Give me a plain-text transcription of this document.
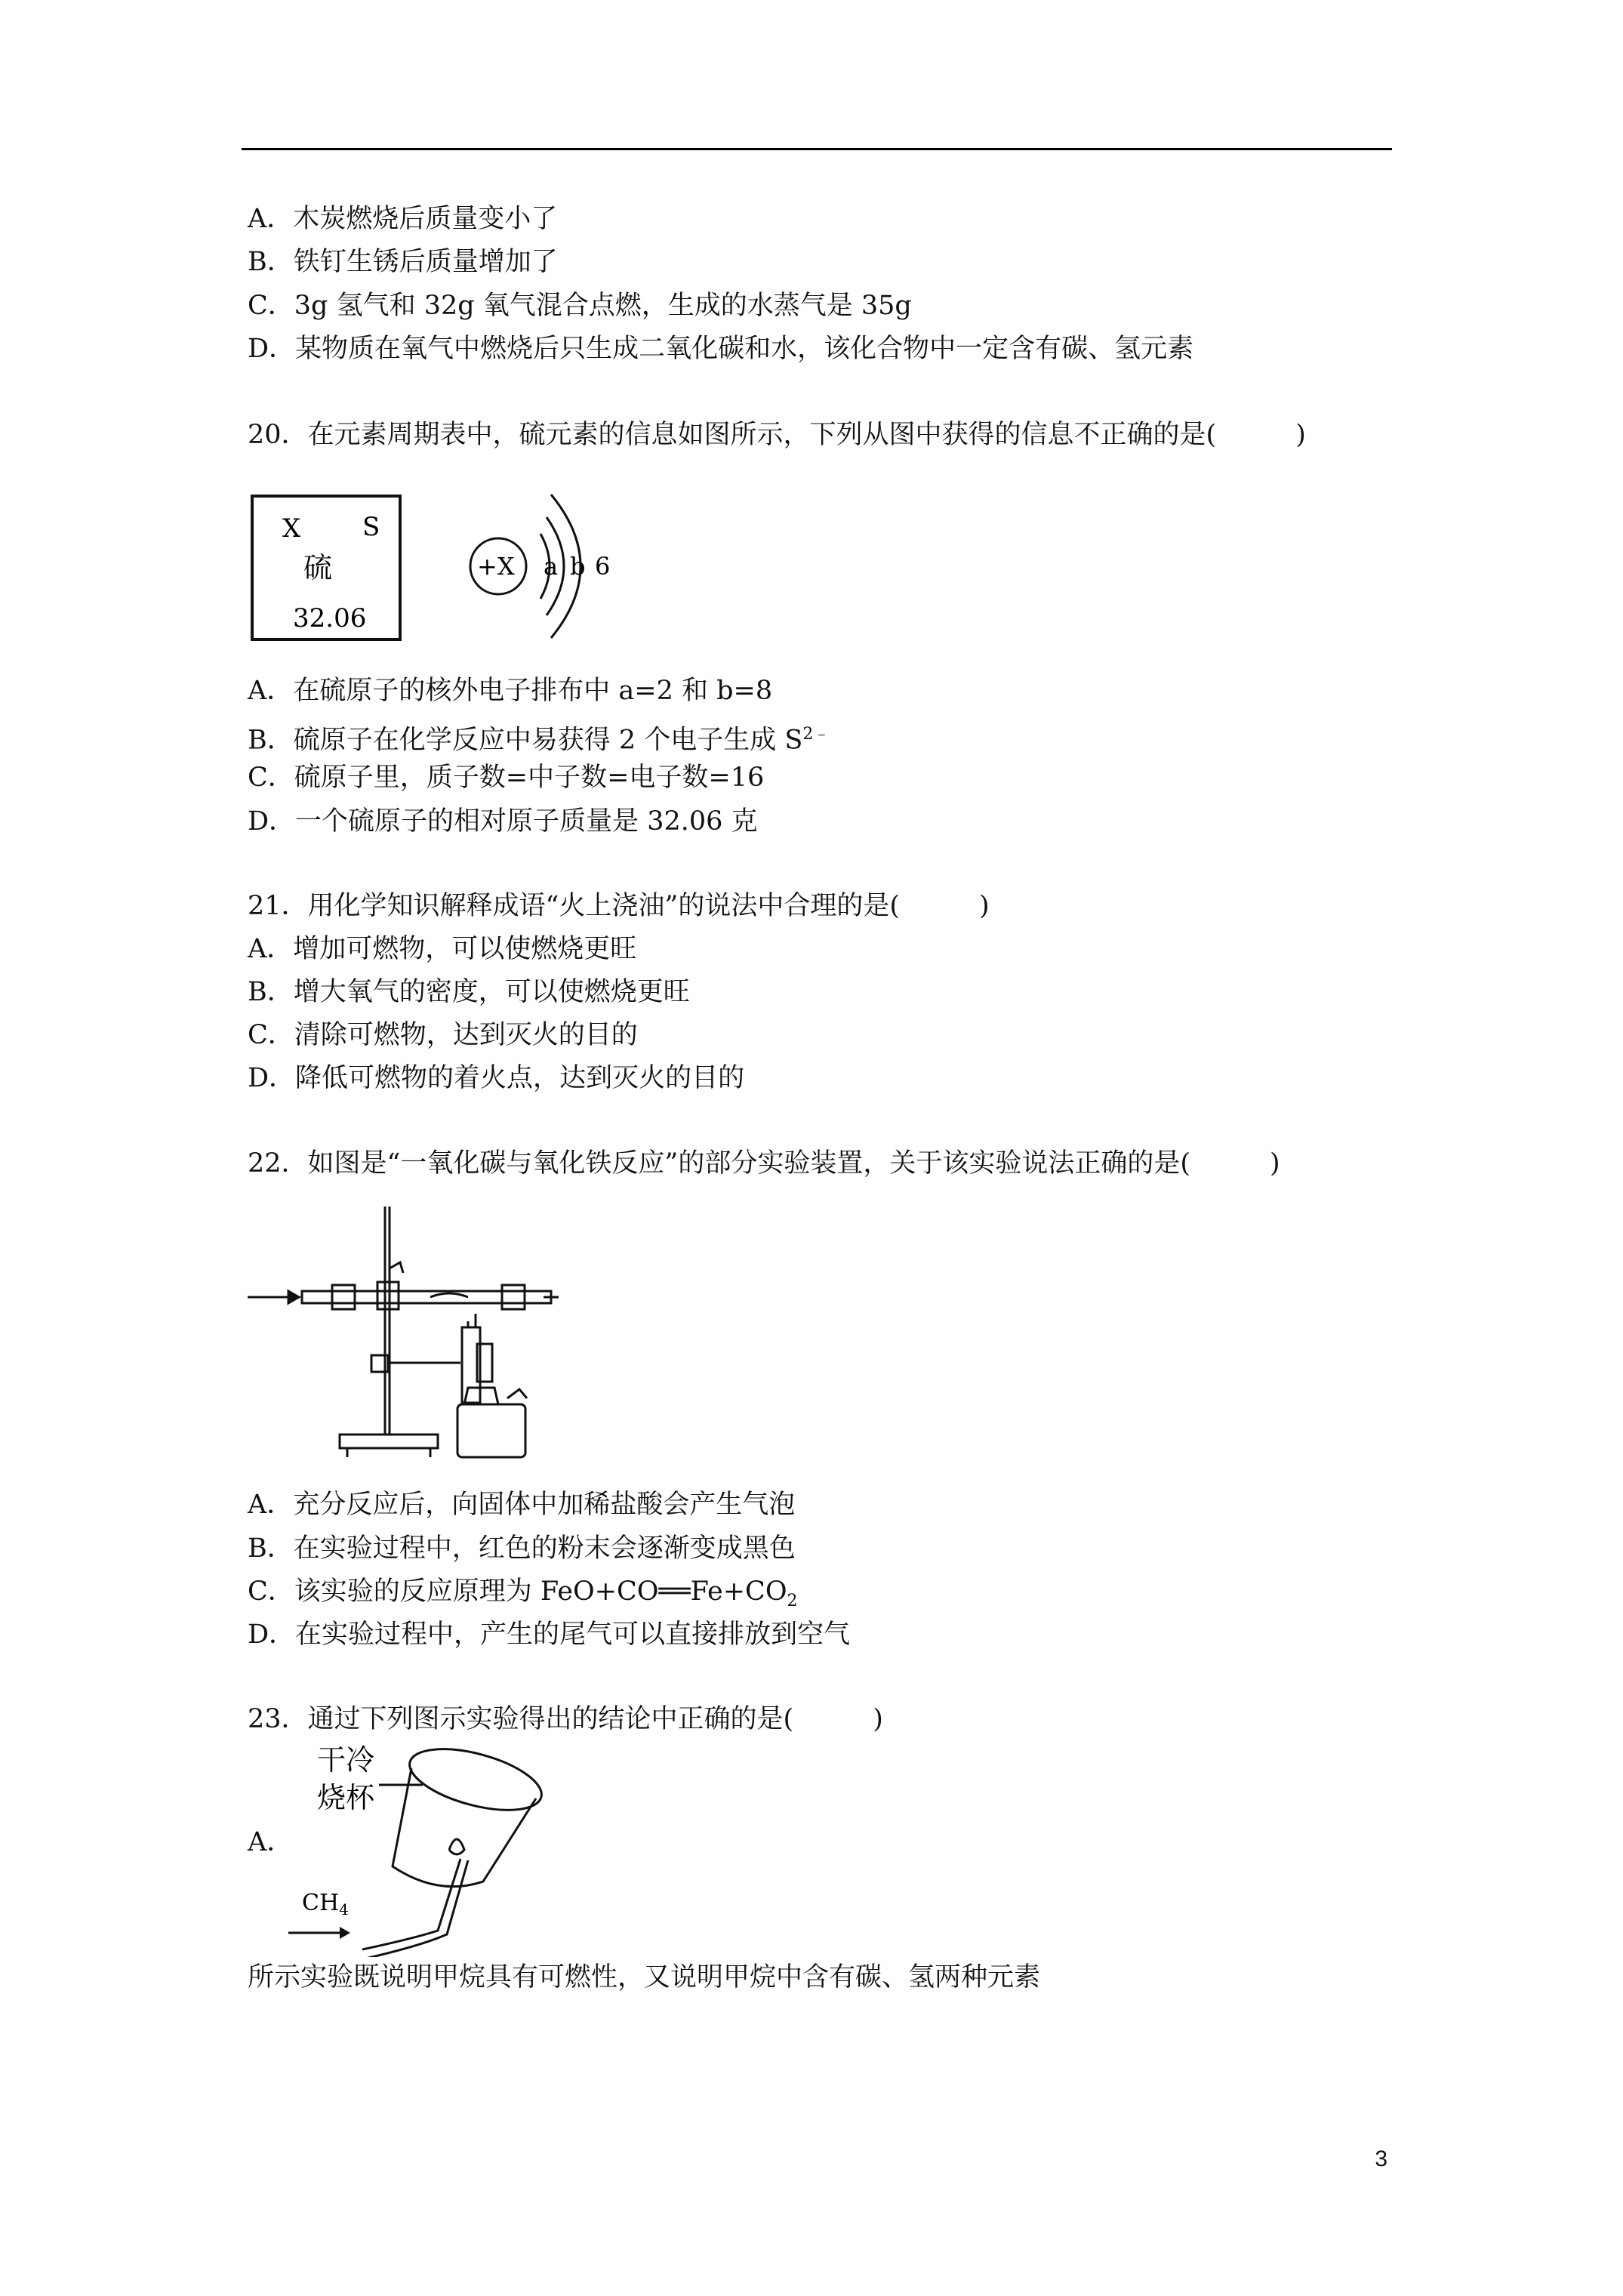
A．木炭燃烧后质量变小了
B．铁钉生锈后质量增加了
C．3g 氢气和 32g 氧气混合点燃，生成的水蒸气是 35g
D．某物质在氧气中燃烧后只生成二氧化碳和水，该化合物中一定含有碳、氢元素
20．在元素周期表中，硫元素的信息如图所示，下列从图中获得的信息不正确的是(　　　)
X S
硫
32.06
+X a b 6
A．在硫原子的核外电子排布中 a=2 和 b=8
B．硫原子在化学反应中易获得 2 个电子生成 $S^{2﹣}$
C．硫原子里，质子数=中子数=电子数=16
D．一个硫原子的相对原子质量是 32.06 克
21．用化学知识解释成语“火上浇油”的说法中合理的是(　　　)
A．增加可燃物，可以使燃烧更旺
B．增大氧气的密度，可以使燃烧更旺
C．清除可燃物，达到灭火的目的
D．降低可燃物的着火点，达到灭火的目的
22．如图是“一氧化碳与氧化铁反应”的部分实验装置，关于该实验说法正确的是(　　　)
A．充分反应后，向固体中加稀盐酸会产生气泡
B．在实验过程中，红色的粉末会逐渐变成黑色
C．该实验的反应原理为 $FeO+CO══Fe+CO_2$
D．在实验过程中，产生的尾气可以直接排放到空气
23．通过下列图示实验得出的结论中正确的是(　　　)
干冷
烧杯
$CH_4$
A．
所示实验既说明甲烷具有可燃性，又说明甲烷中含有碳、氢两种元素
3
